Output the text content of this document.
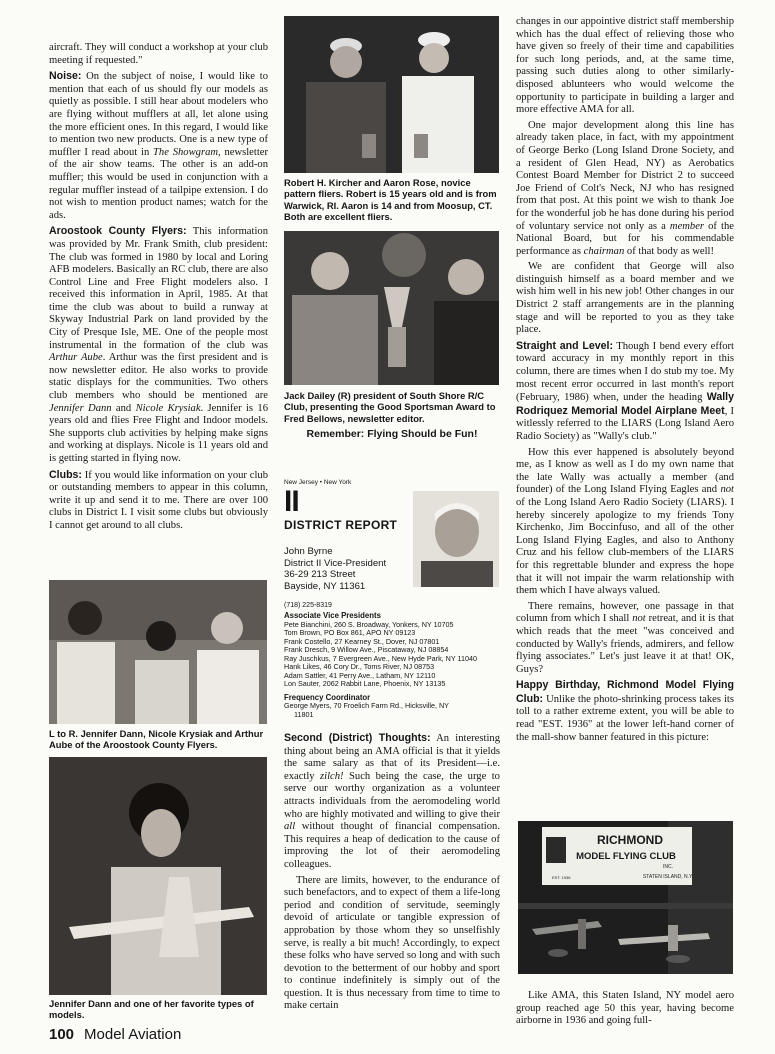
aircraft. They will conduct a workshop at your club meeting if requested."

Noise: On the subject of noise, I would like to mention that each of us should fly our models as quietly as possible. I still hear about modelers who are flying without mufflers at all, let alone using the more efficient ones. In this regard, I would like to mention two new products. One is a new type of muffler I read about in The Showgram, newsletter of the air show teams. The other is an add-on muffler; this would be used in conjunction with a regular muffler instead of a tailpipe extension. I do not wish to mention product names; watch for the ads.

Aroostook County Flyers: This information was provided by Mr. Frank Smith, club president: The club was formed in 1980 by local and Loring AFB modelers. Basically an RC club, there are also Control Line and Free Flight modelers also. I received this information in April, 1985. At that time the club was about to build a runway at Skyway Industrial Park on land provided by the City of Presque Isle, ME. One of the people most instrumental in the formation of the club was Arthur Aube. Arthur was the first president and is now newsletter editor. He also works to provide static displays for the communities. Two others club members who should be mentioned are Jennifer Dann and Nicole Krysiak. Jennifer is 16 years old and flies Free Flight and Indoor models. She supports club activities by helping make signs and working at displays. Nicole is 11 years old and is getting started in flying now.

Clubs: If you would like information on your club or outstanding members to appear in this column, write it up and send it to me. There are over 100 clubs in District I. I visit some clubs but obviously I cannot get around to all clubs.

L to R. Jennifer Dann, Nicole Krysiak and Arthur Aube of the Aroostook County Flyers.
Jennifer Dann and one of her favorite types of models.
Robert H. Kircher and Aaron Rose, novice pattern fliers. Robert is 15 years old and is from Warwick, RI. Aaron is 14 and from Moosup, CT. Both are excellent fliers.
Jack Dailey (R) president of South Shore R/C Club, presenting the Good Sportsman Award to Fred Bellows, newsletter editor.
Remember: Flying Should be Fun!
New Jersey • New York
II
DISTRICT REPORT
John Byrne
District II Vice-President
36-29 213 Street
Bayside, NY 11361
(718) 225-8319
Associate Vice Presidents
Pete Bianchini, 260 S. Broadway, Yonkers, NY 10705
Tom Brown, PO Box 861, APO NY 09123
Frank Costello, 27 Kearney St., Dover, NJ 07801
Frank Dresch, 9 Willow Ave., Piscataway, NJ 08854
Ray Juschkus, 7 Evergreen Ave., New Hyde Park, NY 11040
Hank Likes, 46 Cory Dr., Toms River, NJ 08753
Adam Sattler, 41 Perry Ave., Latham, NY 12110
Lon Sauter, 2062 Rabbit Lane, Phoenix, NY 13135
Frequency Coordinator
George Myers, 70 Froelich Farm Rd., Hicksville, NY
11801

Second (District) Thoughts: An interesting thing about being an AMA official is that it yields the same salary as that of its President—i.e. exactly zilch! Such being the case, the urge to serve our worthy organization as a volunteer attracts individuals from the aeromodeling world who are highly motivated and willing to give their all without thought of financial compensation. This requires a heap of dedication to the cause of improving the lot of their aeromodeling colleagues.

There are limits, however, to the endurance of such benefactors, and to expect of them a life-long period and condition of servitude, seemingly devoid of articulate or tangible expression of approbation by those whom they so unselfishly serve, is really a bit much! Accordingly, to expect these folks who have served so long and with such devotion to the betterment of our hobby and sport to continue indefinitely is simply out of the question. It is thus necessary from time to time to make certain

changes in our appointive district staff membership which has the dual effect of relieving those who have given so freely of their time and capabilities for such long periods, and, at the same time, passing such duties along to other similarly-disposed ablunteers who would welcome the opportunity to participate in building a larger and more effective AMA for all.

One major development along this line has already taken place, in fact, with my appointment of George Berko (Long Island Drone Society, and a resident of Glen Head, NY) as Aerobatics Contest Board Member for District 2 to succeed Joe Friend of Colt's Neck, NJ who has resigned from that post. At this point we wish to thank Joe for the wonderful job he has done during his period of voluntary service not only as a member of the National Board, but for his commendable performance as chairman of that body as well!

We are confident that George will also distinguish himself as a board member and we wish him well in his new job! Other changes in our District 2 staff arrangements are in the planning stage and will be reported to you as they take place.

Straight and Level: Though I bend every effort toward accuracy in my monthly report in this column, there are times when I do stub my toe. My most recent error occurred in last month's report (February, 1986) when, under the heading Wally Rodriquez Memorial Model Airplane Meet, I witlessly referred to the LIARS (Long Island Aero Radio Society) as "Wally's club."

How this ever happened is absolutely beyond me, as I know as well as I do my own name that the late Wally was actually a member (and founder) of the Long Island Flying Eagles and not of the Long Island Aero Radio Society (LIARS). I hereby sincerely apologize to my friends Tony Kirchenko, Jim Boccinfuso, and all of the other Long Island Flying Eagles, and also to Anthony Cruz and his fellow club-members of the LIARS for this regrettable blunder and express the hope that it will not impair the warm relationship with them which I have always valued.

There remains, however, one passage in that column from which I shall not retreat, and it is that which reads that the meet "was conceived and conducted by Wally's friends, admirers, and fellow flying associates." Let's just leave it at that! OK, Guys?

Happy Birthday, Richmond Model Flying Club: Unlike the photo-shrinking process takes its toll to a rather extreme extent, you will be able to read "EST. 1936" at the lower left-hand corner of the mall-show banner featured in this picture:

RICHMOND
MODEL FLYING CLUB
INC.
STATEN ISLAND, N.Y.
EST. 1936

Like AMA, this Staten Island, NY model aero group reached age 50 this year, having become airborne in 1936 and going full-

100 Model Aviation
